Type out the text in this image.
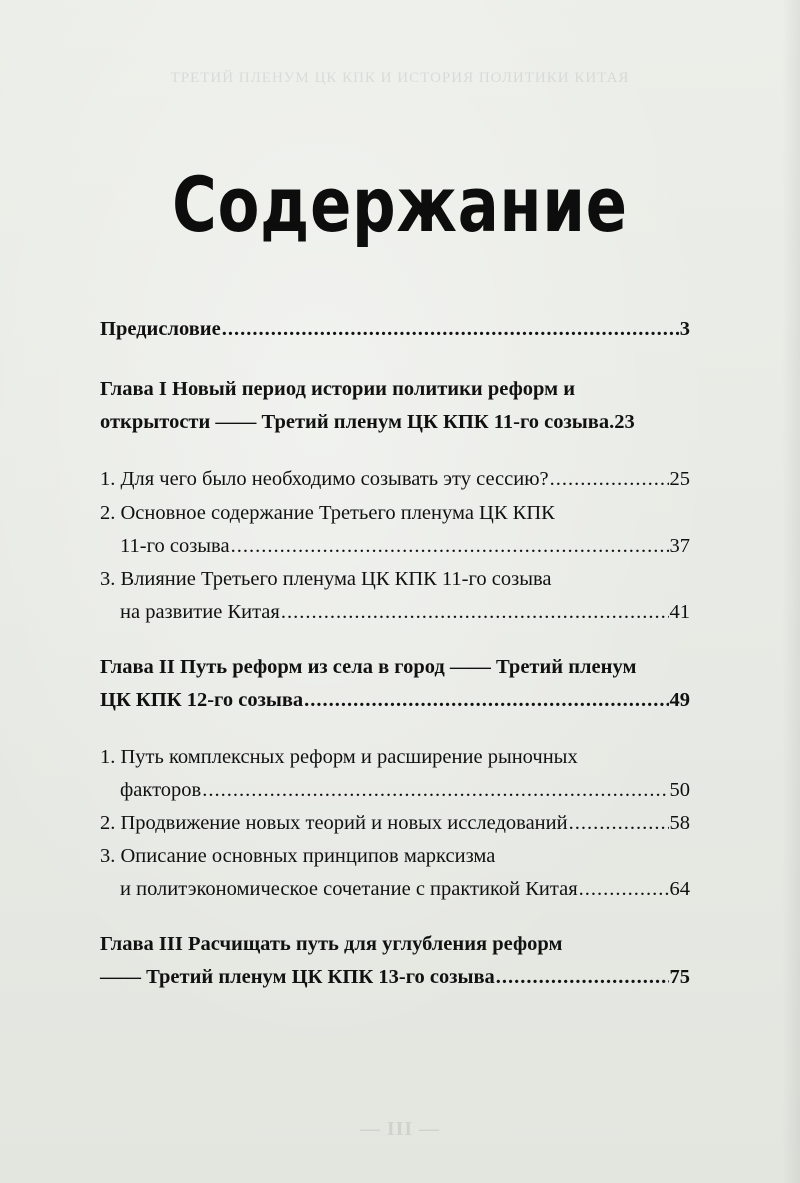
ТРЕТИЙ ПЛЕНУМ ЦК КПК И ИСТОРИЯ ПОЛИТИКИ КИТАЯ
— III —
Содержание
Предисловие .....	3
Глава I Новый период истории политики реформ и
открытости —— Третий пленум ЦК КПК 11-го созыва.23
1. Для чего было необходимо созывать эту сессию? .....	25
2. Основное содержание Третьего пленума ЦК КПК
11-го созыва .....	37
3. Влияние Третьего пленума ЦК КПК 11-го созыва
на развитие Китая .....	41
Глава II Путь реформ из села в город —— Третий пленум
ЦК КПК 12-го созыва .....	49
1. Путь комплексных реформ и расширение рыночных
факторов .....	50
2. Продвижение новых теорий и новых исследований .....	58
3. Описание основных принципов марксизма
и политэкономическое сочетание с практикой Китая .....	64
Глава III Расчищать путь для углубления реформ
—— Третий пленум ЦК КПК 13-го созыва .....	75
